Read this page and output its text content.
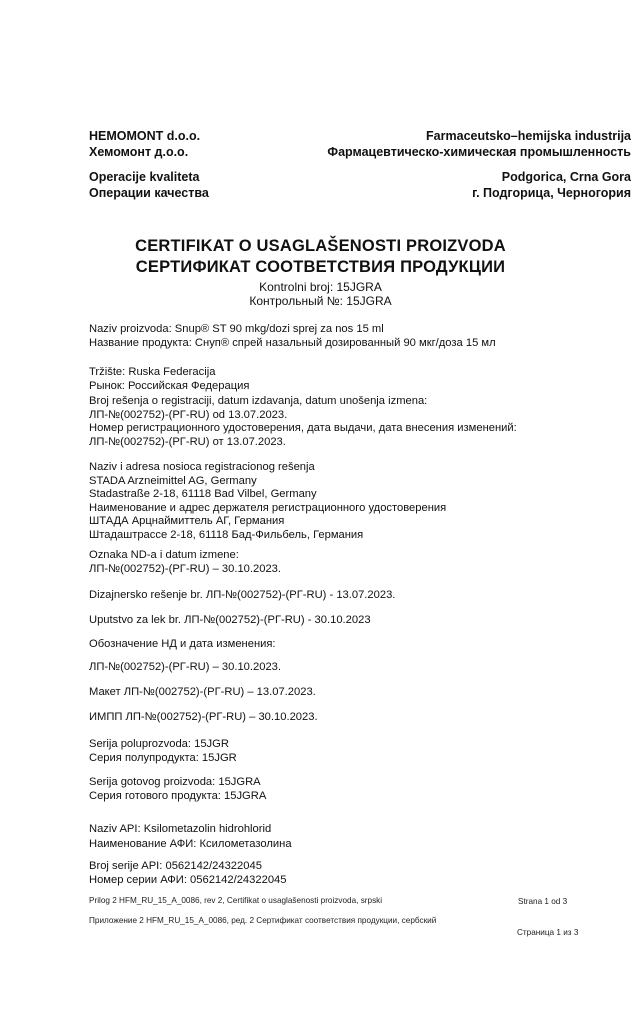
HEMOMONT d.o.o.
Хемомонт д.о.о.
Farmaceutsko–hemijska industrija
Фармацевтическо-химическая промышленность
Operacije kvaliteta
Операции качества
Podgorica, Crna Gora
г. Подгорица, Черногория
CERTIFIKAT O USAGLAŠENOSTI PROIZVODA
СЕРТИФИКАТ СООТВЕТСТВИЯ ПРОДУКЦИИ
Kontrolni broj: 15JGRA
Контрольный №: 15JGRA
Naziv proizvoda: Snup® ST 90 mkg/dozi sprej za nos 15 ml
Название продукта: Снуп® спрей назальный дозированный 90 мкг/доза 15 мл
Tržište: Ruska Federacija
Рынок: Российская Федерация
Broj rešenja o registraciji, datum izdavanja, datum unošenja izmena:
ЛП-№(002752)-(РГ-RU) od 13.07.2023.
Номер регистрационного удостоверения, дата выдачи, дата внесения изменений:
ЛП-№(002752)-(РГ-RU) от 13.07.2023.
Naziv i adresa nosioca registracionog rešenja
STADA Arzneimittel AG, Germany
Stadastraße 2-18, 61118 Bad Vilbel, Germany
Наименование и адрес держателя регистрационного удостоверения
ШТАДА Арцнаймиттель АГ, Германия
Штадаштрассе 2-18, 61118 Бад-Фильбель, Германия
Oznaka ND-a i datum izmene:
ЛП-№(002752)-(РГ-RU) – 30.10.2023.
Dizajnersko rešenje br. ЛП-№(002752)-(РГ-RU) - 13.07.2023.
Uputstvo za lek br. ЛП-№(002752)-(РГ-RU) - 30.10.2023
Обозначение НД и дата изменения:
ЛП-№(002752)-(РГ-RU) – 30.10.2023.
Макет ЛП-№(002752)-(РГ-RU) – 13.07.2023.
ИМПП ЛП-№(002752)-(РГ-RU) – 30.10.2023.
Serija poluprozvoda: 15JGR
Серия полупродукта: 15JGR
Serija gotovog proizvoda: 15JGRA
Серия готового продукта: 15JGRA
Naziv API: Ksilometazolin hidrohlorid
Наименование АФИ: Ксилометазолина
Broj serije API: 0562142/24322045
Номер серии АФИ: 0562142/24322045
Prilog 2 HFM_RU_15_A_0086, rev 2, Certifikat o usaglašenosti proizvoda, srpski	Strana 1 od 3
Приложение 2 HFM_RU_15_A_0086, ред. 2 Сертификат соответствия продукции, сербский
Страница 1 из 3
